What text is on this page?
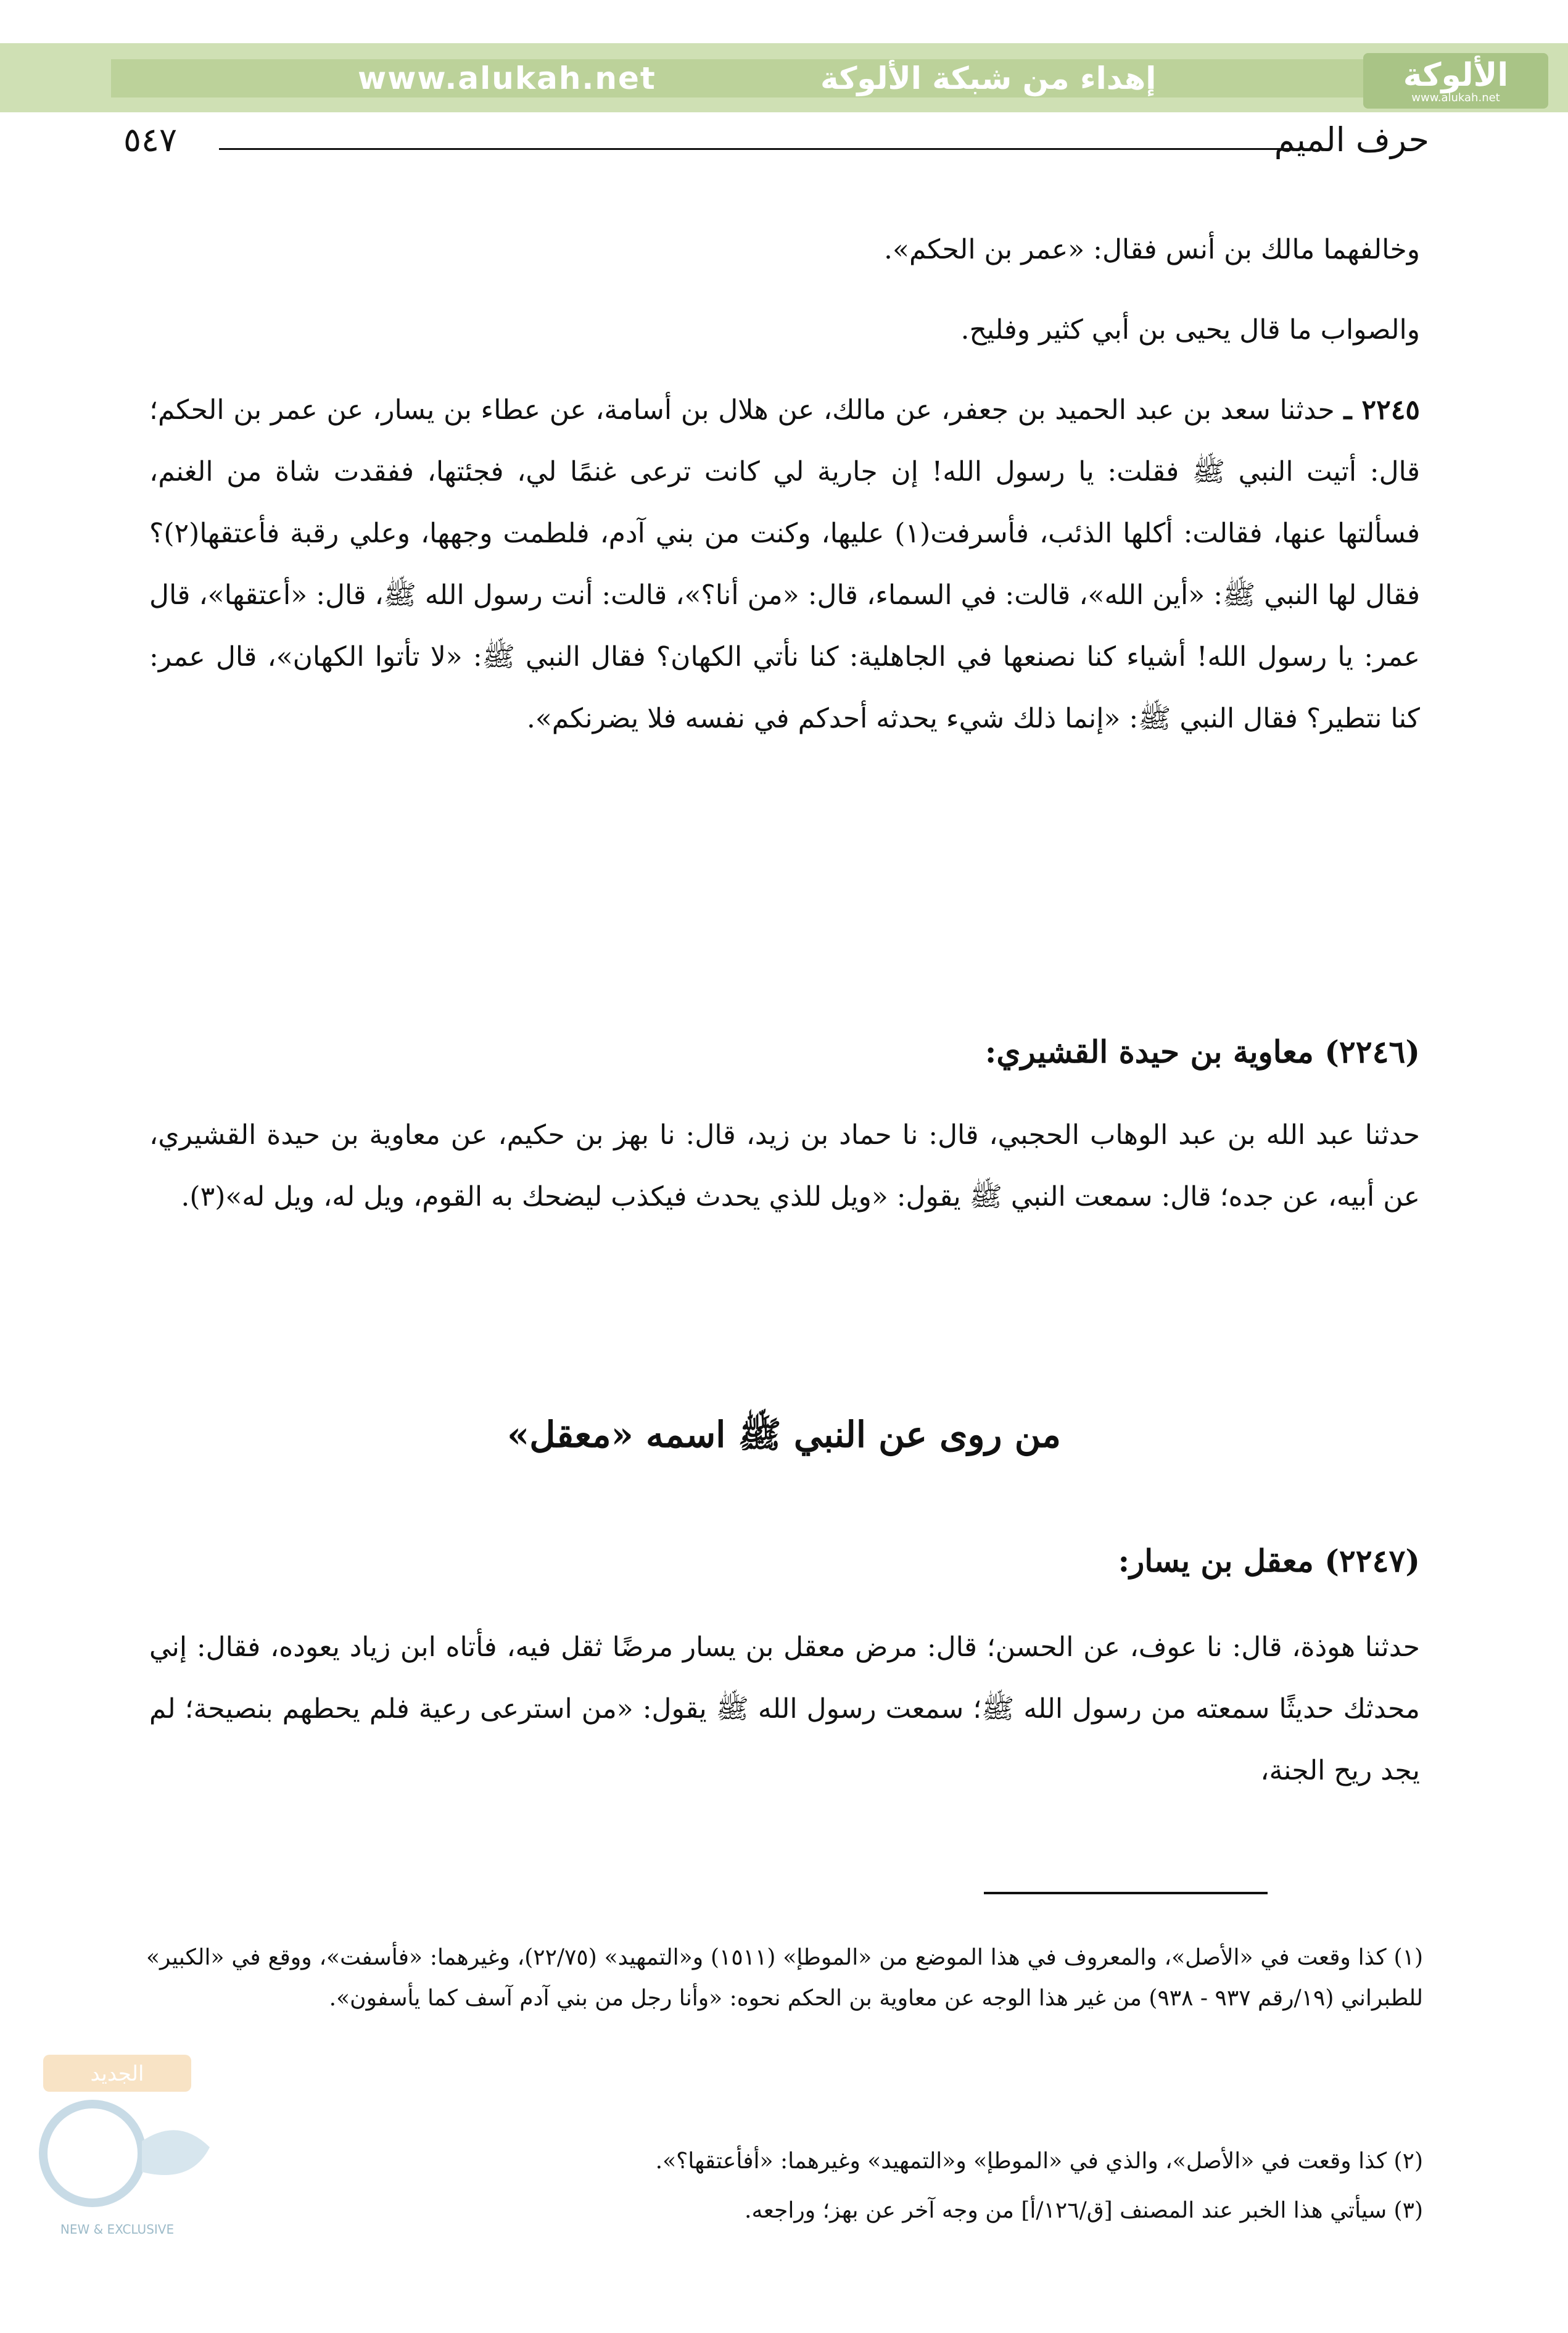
www.alukah.net	إهداء من شبكة الألوكة	الألوكة
www.alukah.net
حرف الميم
٥٤٧

وخالفهما مالك بن أنس فقال: «عمر بن الحكم».

والصواب ما قال يحيى بن أبي كثير وفليح.

٢٢٤٥ ـ حدثنا سعد بن عبد الحميد بن جعفر، عن مالك، عن هلال بن أسامة، عن عطاء بن يسار، عن عمر بن الحكم؛ قال: أتيت النبي ﷺ فقلت: يا رسول الله! إن جارية لي كانت ترعى غنمًا لي، فجئتها، ففقدت شاة من الغنم، فسألتها عنها، فقالت: أكلها الذئب، فأسرفت(١) عليها، وكنت من بني آدم، فلطمت وجهها، وعلي رقبة فأعتقها(٢)؟ فقال لها النبي ﷺ: «أين الله»، قالت: في السماء، قال: «من أنا؟»، قالت: أنت رسول الله ﷺ، قال: «أعتقها»، قال عمر: يا رسول الله! أشياء كنا نصنعها في الجاهلية: كنا نأتي الكهان؟ فقال النبي ﷺ: «لا تأتوا الكهان»، قال عمر: كنا نتطير؟ فقال النبي ﷺ: «إنما ذلك شيء يحدثه أحدكم في نفسه فلا يضرنكم».

(٢٢٤٦) معاوية بن حيدة القشيري:

حدثنا عبد الله بن عبد الوهاب الحجبي، قال: نا حماد بن زيد، قال: نا بهز بن حكيم، عن معاوية بن حيدة القشيري، عن أبيه، عن جده؛ قال: سمعت النبي ﷺ يقول: «ويل للذي يحدث فيكذب ليضحك به القوم، ويل له، ويل له»(٣).

من روى عن النبي ﷺ اسمه «معقل»
(٢٢٤٧) معقل بن يسار:

حدثنا هوذة، قال: نا عوف، عن الحسن؛ قال: مرض معقل بن يسار مرضًا ثقل فيه، فأتاه ابن زياد يعوده، فقال: إني محدثك حديثًا سمعته من رسول الله ﷺ؛ سمعت رسول الله ﷺ يقول: «من استرعى رعية فلم يحطهم بنصيحة؛ لم يجد ريح الجنة،

(١) كذا وقعت في «الأصل»، والمعروف في هذا الموضع من «الموطإ» (١٥١١) و«التمهيد» (٢٢/٧٥)، وغيرهما: «فأسفت»، ووقع في «الكبير» للطبراني (١٩/رقم ٩٣٧ - ٩٣٨) من غير هذا الوجه عن معاوية بن الحكم نحوه: «وأنا رجل من بني آدم آسف كما يأسفون».

(٢) كذا وقعت في «الأصل»، والذي في «الموطإ» و«التمهيد» وغيرهما: «أفأعتقها؟».

(٣) سيأتي هذا الخبر عند المصنف [ق/١٢٦/أ] من وجه آخر عن بهز؛ وراجعه.

الجديد
NEW & EXCLUSIVE
